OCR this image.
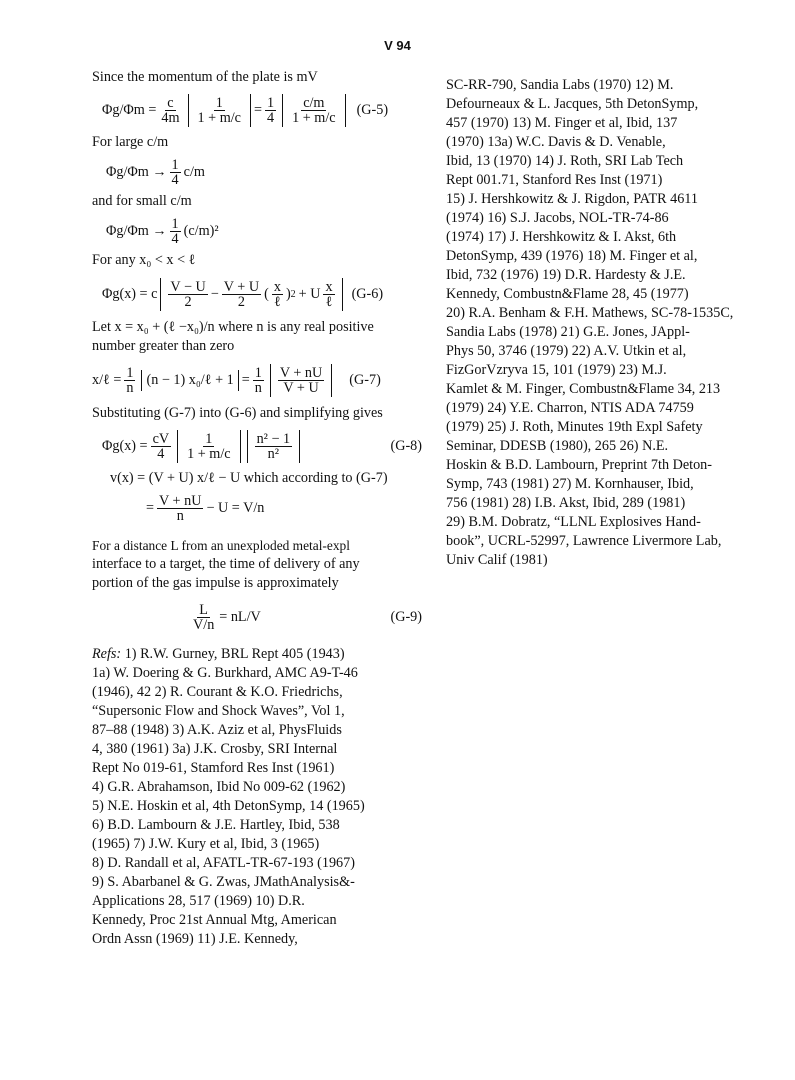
V 94
Since the momentum of the plate is mV
$\Phi g/\Phi m = \frac{c}{4m} \frac{1}{1 + m/c} = \frac{1}{4} \frac{c/m}{1 + m/c} (G-5)$
For large c/m
$\Phi g/\Phi m \to \frac{1}{4} c/m$
and for small c/m
$\Phi g/\Phi m \to \frac{1}{4} (c/m)^2$
For any x₀ < x < ℓ
Φg(x) = c $\frac{V - U}{2} - \frac{V + U}{2}$ ( $\frac{x}{\text{ℓ}}$ ) 2 + U $\frac{x}{\text{ℓ}} (G-6)$
Let x = x₀ + (ℓ −x₀)/n where n is any real positive
number greater than zero
x/ℓ = $\frac{1}{n} (n - 1)$ x₀/ℓ + $1 = \frac{1}{n} \frac{V + nU}{V + U} (G-7)$
Substituting (G-7) into (G-6) and simplifying gives
$\Phi g(x) = \frac{cV}{4} \frac{1}{1 + m/c} \frac{\text{n² − 1}}{\text{n²}}$	(G-8)
v(x) = (V + U) x/ℓ − U which according to (G-7)
= $\frac{V + nU}{n} - U = V/n$
For a distance L from an unexploded metal-expl
interface to a target, the time of delivery of any
portion of the gas impulse is approximately
$\frac{L}{V/n} = nL/V$	(G-9)
Refs: 1) R.W. Gurney, BRL Rept 405 (1943)
1a) W. Doering & G. Burkhard, AMC A9-T-46
(1946), 42 2) R. Courant & K.O. Friedrichs,
“Supersonic Flow and Shock Waves”, Vol 1,
87–88 (1948) 3) A.K. Aziz et al, PhysFluids
4, 380 (1961) 3a) J.K. Crosby, SRI Internal
Rept No 019-61, Stamford Res Inst (1961)
4) G.R. Abrahamson, Ibid No 009-62 (1962)
5) N.E. Hoskin et al, 4th DetonSymp, 14 (1965)
6) B.D. Lambourn & J.E. Hartley, Ibid, 538
(1965) 7) J.W. Kury et al, Ibid, 3 (1965)
8) D. Randall et al, AFATL-TR-67-193 (1967)
9) S. Abarbanel & G. Zwas, JMathAnalysis&-
Applications 28, 517 (1969) 10) D.R.
Kennedy, Proc 21st Annual Mtg, American
Ordn Assn (1969) 11) J.E. Kennedy,
SC-RR-790, Sandia Labs (1970) 12) M.
Defourneaux & L. Jacques, 5th DetonSymp,
457 (1970) 13) M. Finger et al, Ibid, 137
(1970) 13a) W.C. Davis & D. Venable,
Ibid, 13 (1970) 14) J. Roth, SRI Lab Tech
Rept 001.71, Stanford Res Inst (1971)
15) J. Hershkowitz & J. Rigdon, PATR 4611
(1974) 16) S.J. Jacobs, NOL-TR-74-86
(1974) 17) J. Hershkowitz & I. Akst, 6th
DetonSymp, 439 (1976) 18) M. Finger et al,
Ibid, 732 (1976) 19) D.R. Hardesty & J.E.
Kennedy, Combustn&Flame 28, 45 (1977)
20) R.A. Benham & F.H. Mathews, SC-78-1535C,
Sandia Labs (1978) 21) G.E. Jones, JAppl-
Phys 50, 3746 (1979) 22) A.V. Utkin et al,
FizGorVzryva 15, 101 (1979) 23) M.J.
Kamlet & M. Finger, Combustn&Flame 34, 213
(1979) 24) Y.E. Charron, NTIS ADA 74759
(1979) 25) J. Roth, Minutes 19th Expl Safety
Seminar, DDESB (1980), 265 26) N.E.
Hoskin & B.D. Lambourn, Preprint 7th Deton-
Symp, 743 (1981) 27) M. Kornhauser, Ibid,
756 (1981) 28) I.B. Akst, Ibid, 289 (1981)
29) B.M. Dobratz, “LLNL Explosives Hand-
book”, UCRL-52997, Lawrence Livermore Lab,
Univ Calif (1981)
